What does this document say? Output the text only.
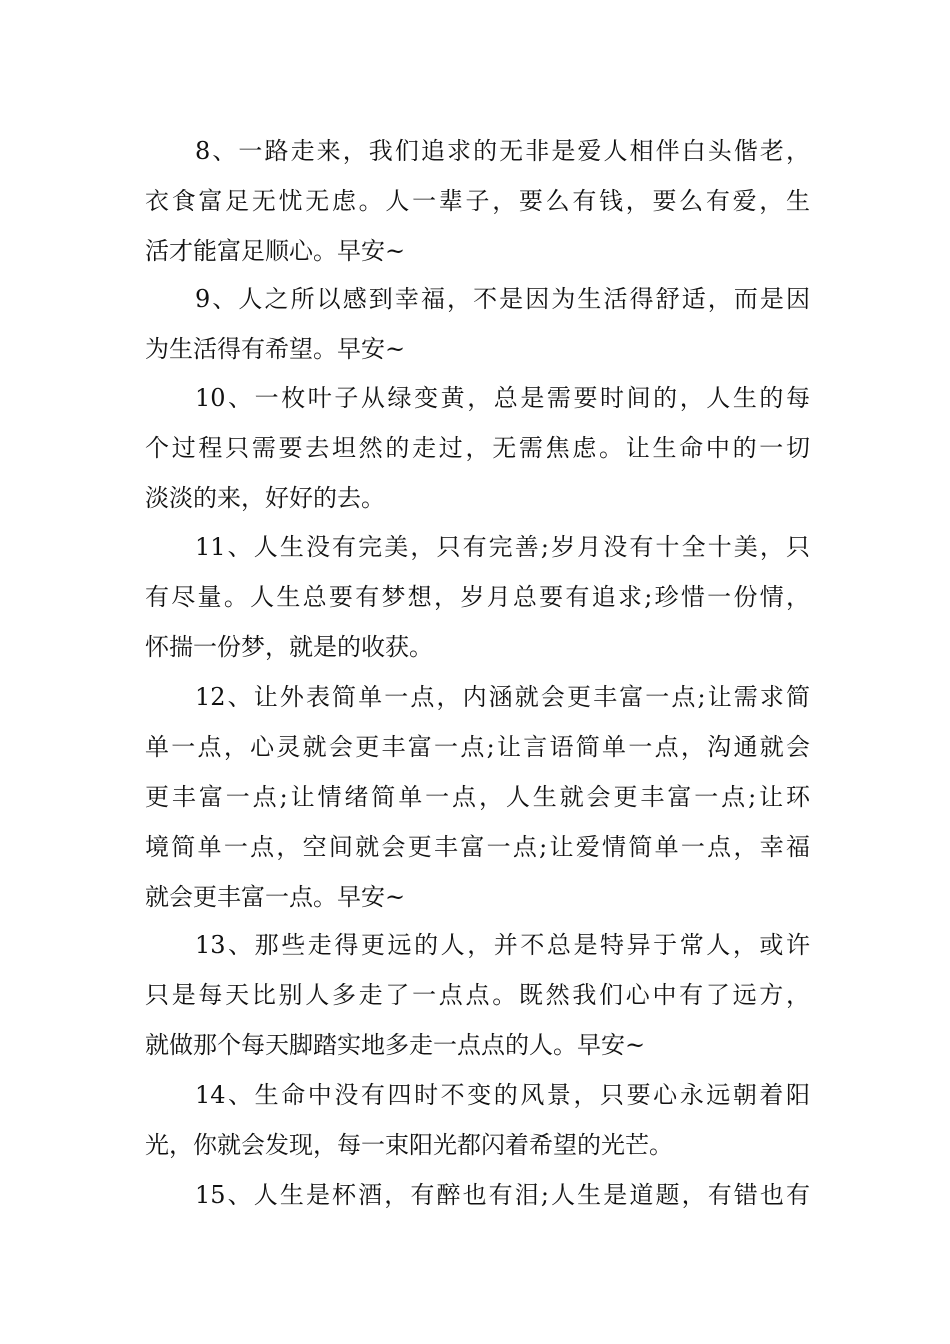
8、一路走来，我们追求的无非是爱人相伴白头偕老，
衣食富足无忧无虑。人一辈子，要么有钱，要么有爱，生
活才能富足顺心。早安~
9、人之所以感到幸福，不是因为生活得舒适，而是因
为生活得有希望。早安~
10、一枚叶子从绿变黄，总是需要时间的，人生的每
个过程只需要去坦然的走过，无需焦虑。让生命中的一切
淡淡的来，好好的去。
11、人生没有完美，只有完善;岁月没有十全十美，只
有尽量。人生总要有梦想，岁月总要有追求;珍惜一份情，
怀揣一份梦，就是的收获。
12、让外表简单一点，内涵就会更丰富一点;让需求简
单一点，心灵就会更丰富一点;让言语简单一点，沟通就会
更丰富一点;让情绪简单一点，人生就会更丰富一点;让环
境简单一点，空间就会更丰富一点;让爱情简单一点，幸福
就会更丰富一点。早安~
13、那些走得更远的人，并不总是特异于常人，或许
只是每天比别人多走了一点点。既然我们心中有了远方，
就做那个每天脚踏实地多走一点点的人。早安~
14、生命中没有四时不变的风景，只要心永远朝着阳
光，你就会发现，每一束阳光都闪着希望的光芒。
15、人生是杯酒，有醉也有泪;人生是道题，有错也有
